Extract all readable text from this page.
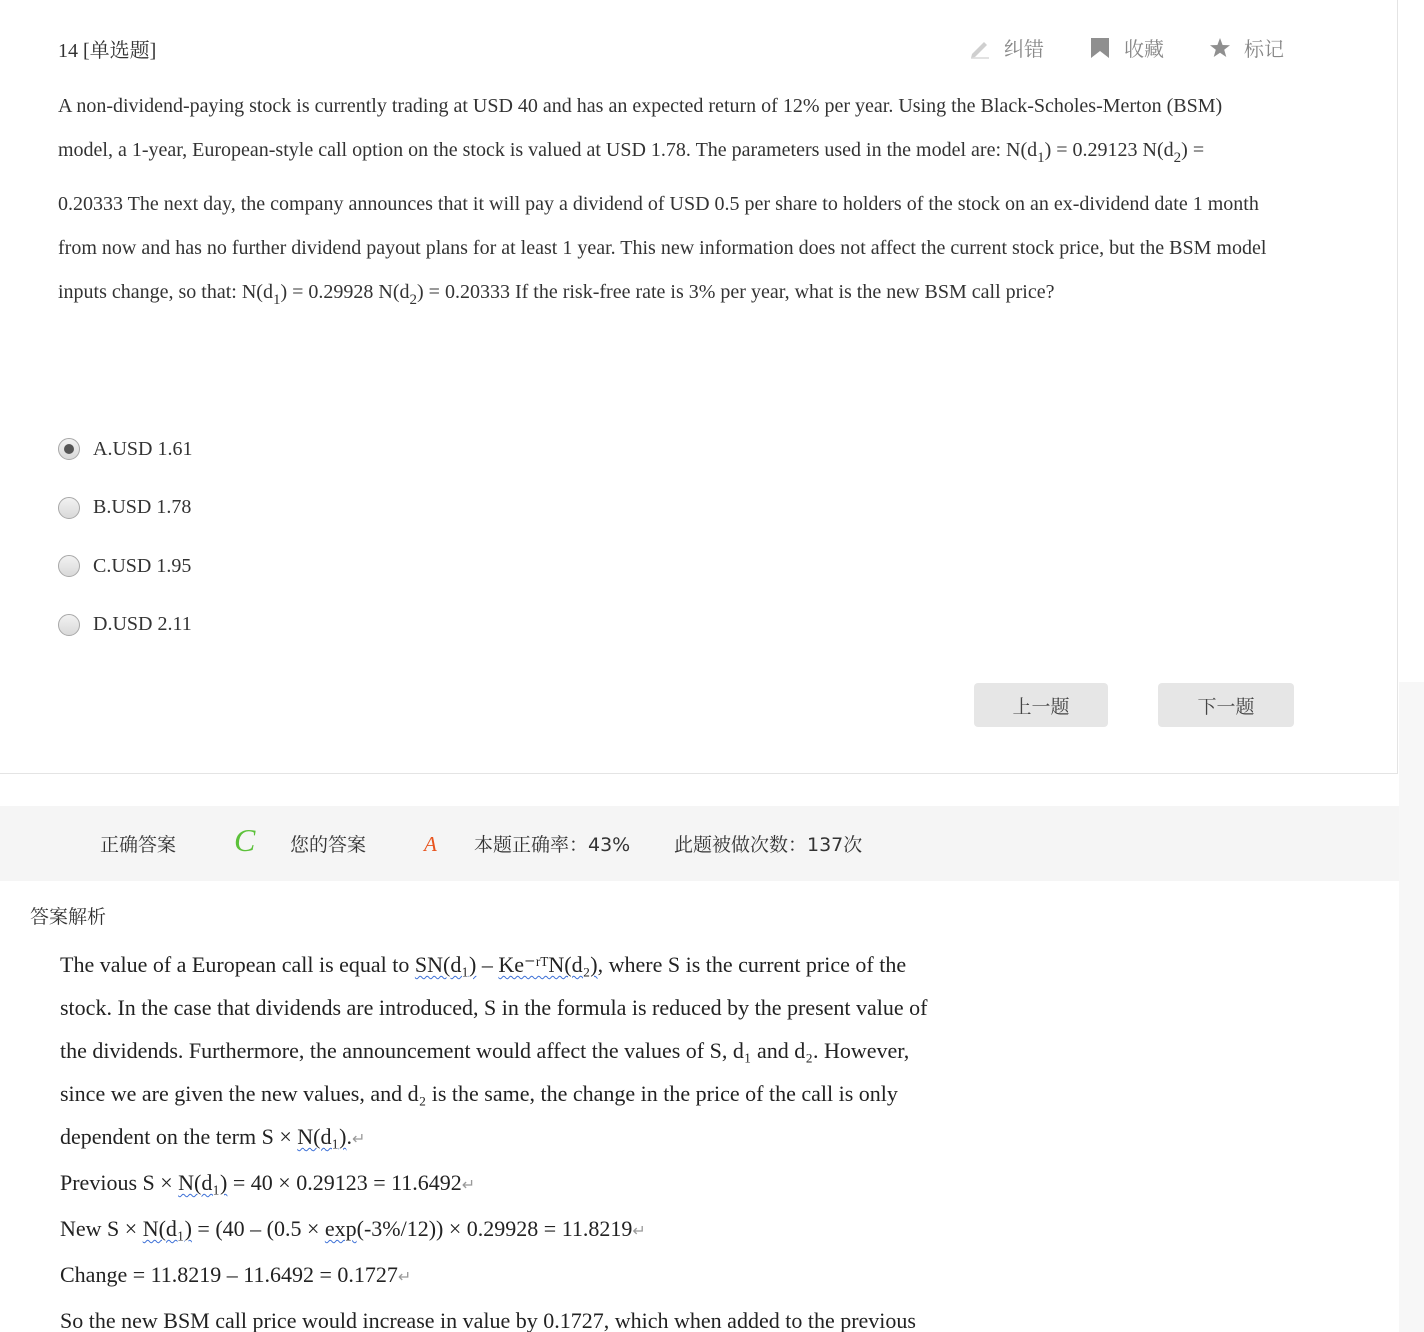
14 [单选题]	纠错	收藏	标记
A non-dividend-paying stock is currently trading at USD 40 and has an expected return of 12% per year. Using the Black-Scholes-Merton (BSM)
model, a 1-year, European-style call option on the stock is valued at USD 1.78. The parameters used in the model are: $N(d_1) = 0.29123$ $N(d_2)$ =
0.20333 The next day, the company announces that it will pay a dividend of USD 0.5 per share to holders of the stock on an ex-dividend date 1 month
from now and has no further dividend payout plans for at least 1 year. This new information does not affect the current stock price, but the BSM model
inputs change, so that: $N(d_1) = 0.29928$ $N(d_2) = 0.20333$ If the risk-free rate is 3% per year, what is the new BSM call price?
A.USD 1.61
B.USD 1.78
C.USD 1.95
D.USD 2.11
上一题	下一题
正确答案 C 您的答案	A 本题正确率：43% 此题被做次数：137次
答案解析
The value of a European call is equal to SN(d₁) – Ke⁻ʳᵀN(d₂), where S is the current price of the
stock. In the case that dividends are introduced, S in the formula is reduced by the present value of
the dividends. Furthermore, the announcement would affect the values of S, d₁ and d₂. However,
since we are given the new values, and d₂ is the same, the change in the price of the call is only
dependent on the term S × N(d₁).↵
Previous S × N(d₁) = 40 × 0.29123 = 11.6492↵
New S × N(d₁) = (40 – (0.5 × exp(-3%/12)) × 0.29928 = 11.8219↵
Change = 11.8219 – 11.6492 = 0.1727↵
So the new BSM call price would increase in value by 0.1727, which when added to the previous
